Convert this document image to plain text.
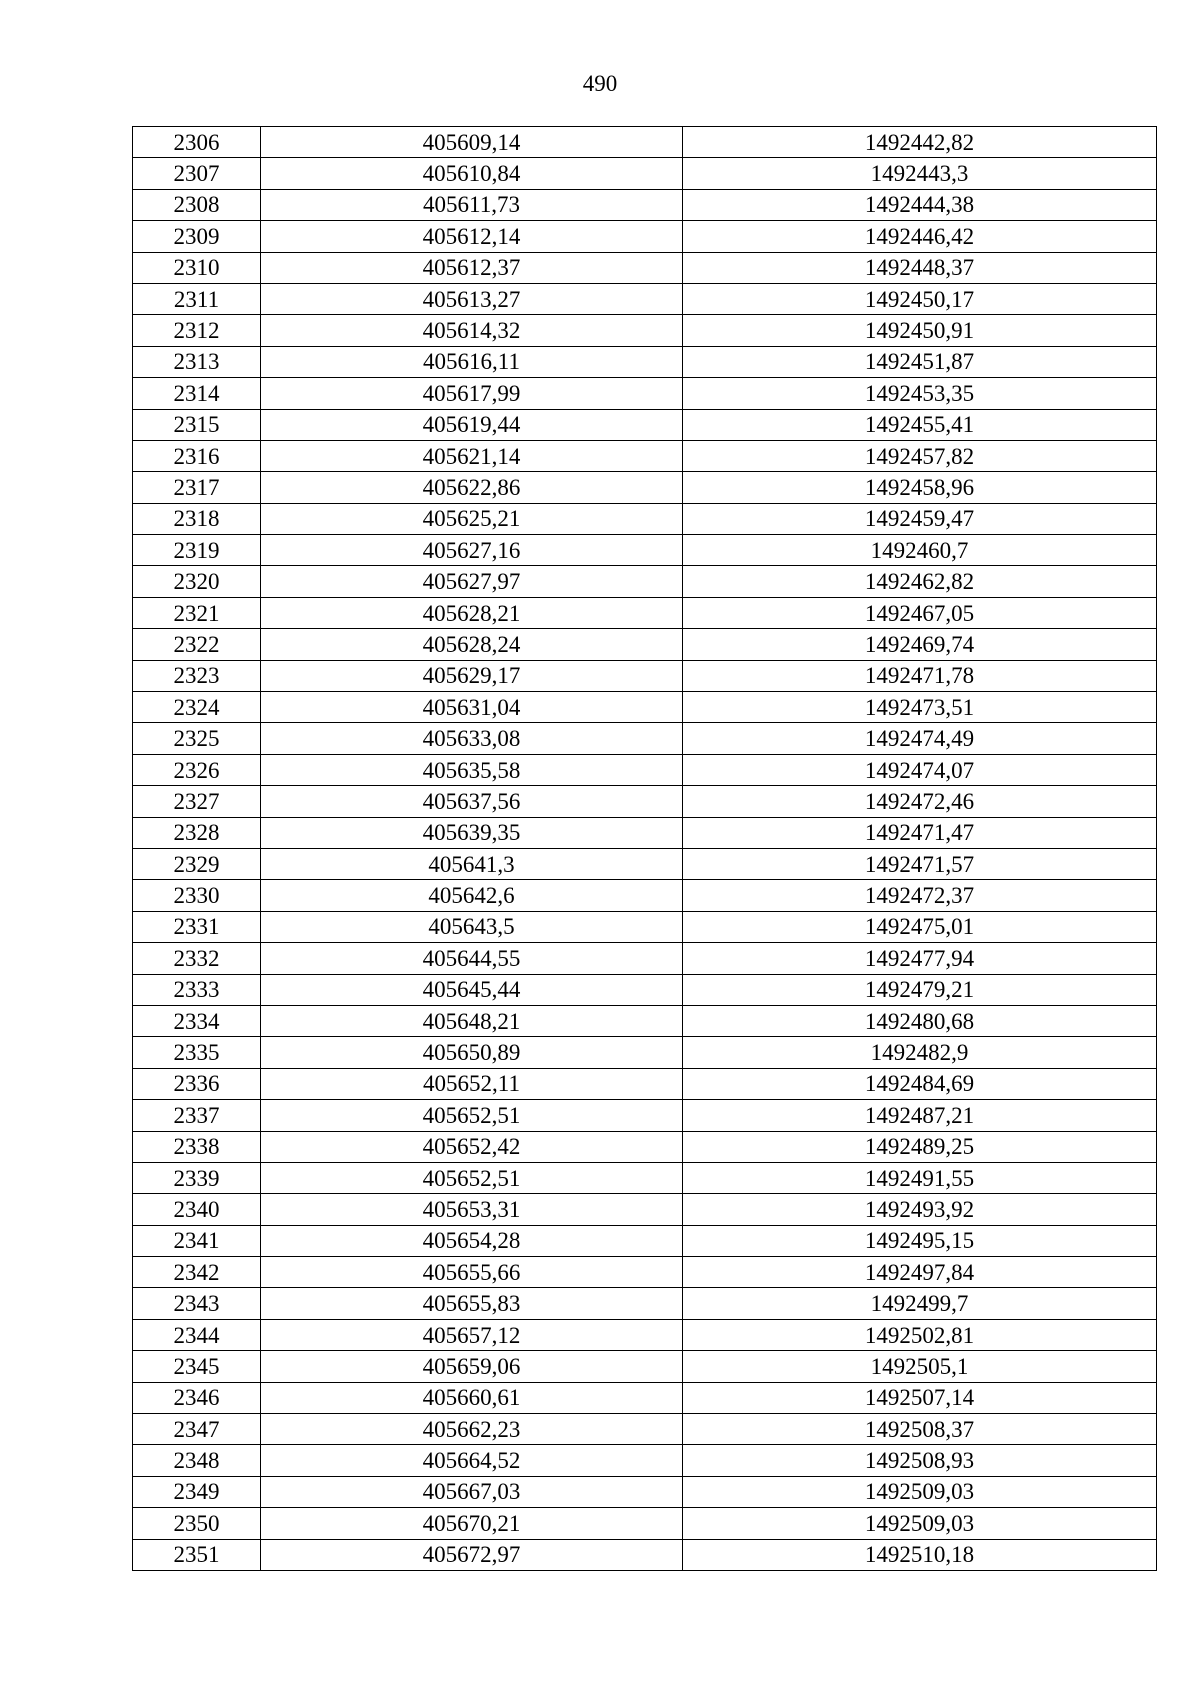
490
2306	405609,14	1492442,82
2307	405610,84	1492443,3
2308	405611,73	1492444,38
2309	405612,14	1492446,42
2310	405612,37	1492448,37
2311	405613,27	1492450,17
2312	405614,32	1492450,91
2313	405616,11	1492451,87
2314	405617,99	1492453,35
2315	405619,44	1492455,41
2316	405621,14	1492457,82
2317	405622,86	1492458,96
2318	405625,21	1492459,47
2319	405627,16	1492460,7
2320	405627,97	1492462,82
2321	405628,21	1492467,05
2322	405628,24	1492469,74
2323	405629,17	1492471,78
2324	405631,04	1492473,51
2325	405633,08	1492474,49
2326	405635,58	1492474,07
2327	405637,56	1492472,46
2328	405639,35	1492471,47
2329	405641,3	1492471,57
2330	405642,6	1492472,37
2331	405643,5	1492475,01
2332	405644,55	1492477,94
2333	405645,44	1492479,21
2334	405648,21	1492480,68
2335	405650,89	1492482,9
2336	405652,11	1492484,69
2337	405652,51	1492487,21
2338	405652,42	1492489,25
2339	405652,51	1492491,55
2340	405653,31	1492493,92
2341	405654,28	1492495,15
2342	405655,66	1492497,84
2343	405655,83	1492499,7
2344	405657,12	1492502,81
2345	405659,06	1492505,1
2346	405660,61	1492507,14
2347	405662,23	1492508,37
2348	405664,52	1492508,93
2349	405667,03	1492509,03
2350	405670,21	1492509,03
2351	405672,97	1492510,18
